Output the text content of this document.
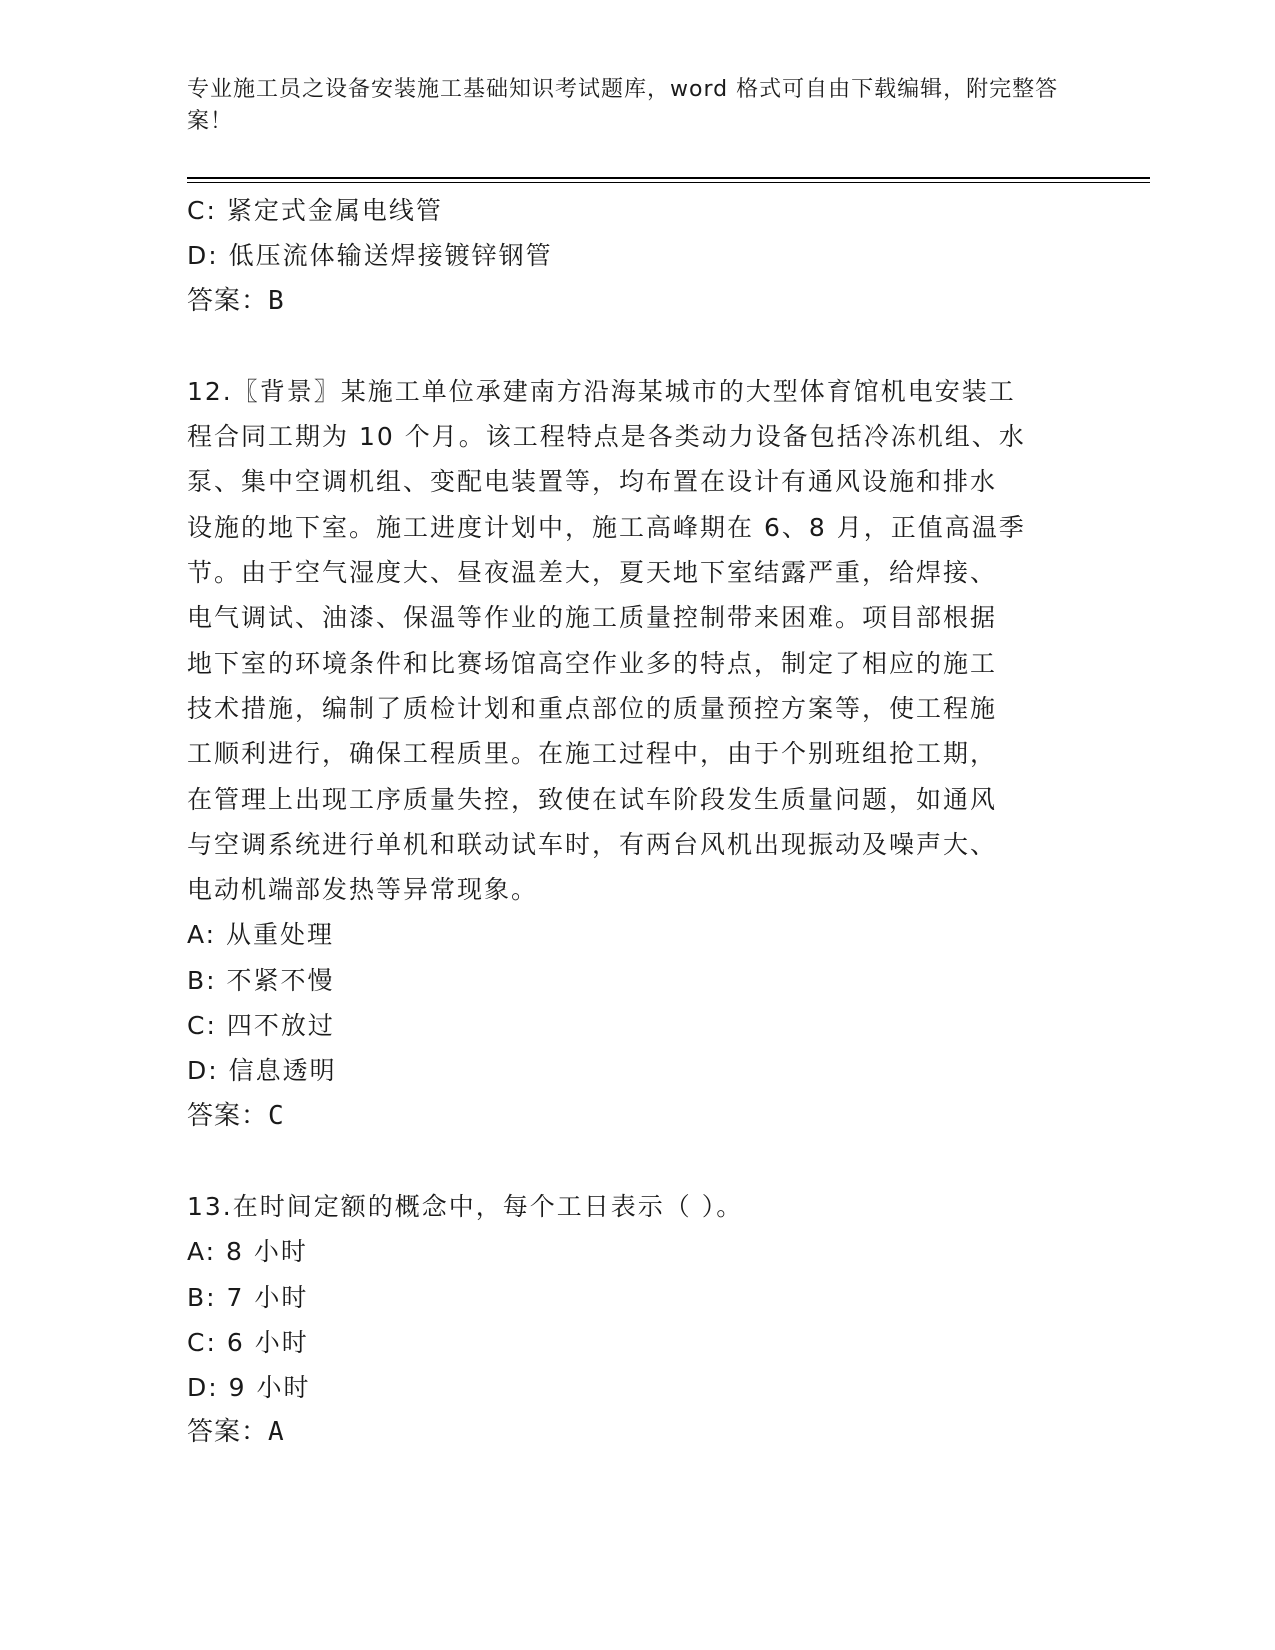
专业施工员之设备安装施工基础知识考试题库，word 格式可自由下载编辑，附完整答案！
C: 紧定式金属电线管
D: 低压流体输送焊接镀锌钢管
答案：B
12.〖背景〗某施工单位承建南方沿海某城市的大型体育馆机电安装工
程合同工期为 10 个月。该工程特点是各类动力设备包括冷冻机组、水
泵、集中空调机组、变配电装置等，均布置在设计有通风设施和排水
设施的地下室。施工进度计划中，施工高峰期在 6、8 月，正值高温季
节。由于空气湿度大、昼夜温差大，夏天地下室结露严重，给焊接、
电气调试、油漆、保温等作业的施工质量控制带来困难。项目部根据
地下室的环境条件和比赛场馆高空作业多的特点，制定了相应的施工
技术措施，编制了质检计划和重点部位的质量预控方案等，使工程施
工顺利进行，确保工程质里。在施工过程中，由于个别班组抢工期，
在管理上出现工序质量失控，致使在试车阶段发生质量问题，如通风
与空调系统进行单机和联动试车时，有两台风机出现振动及噪声大、
电动机端部发热等异常现象。
A: 从重处理
B: 不紧不慢
C: 四不放过
D: 信息透明
答案：C
13.在时间定额的概念中，每个工日表示（ ）。
A: 8 小时
B: 7 小时
C: 6 小时
D: 9 小时
答案：A
